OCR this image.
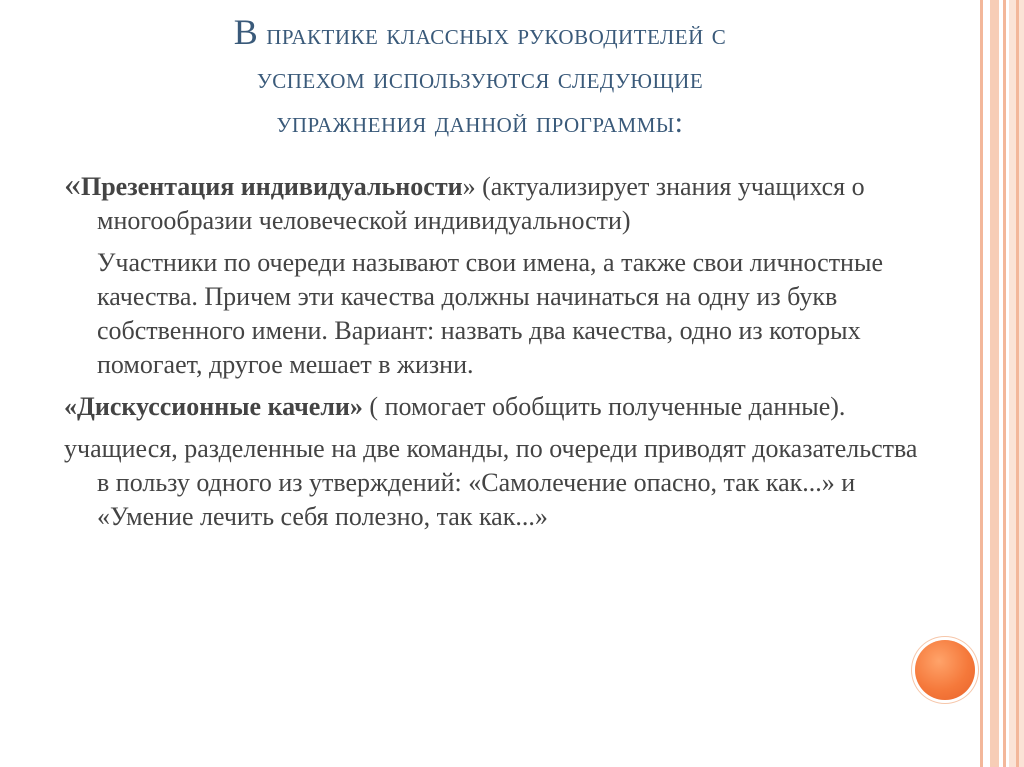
В практике классных руководителей с
успехом используются следующие
упражнения данной программы:

«Презентация индивидуальности» (актуализирует знания учащихся о многообразии человеческой индивидуальности)

Участники по очереди называют свои имена, а также свои личностные качества. Причем эти качества должны начинаться на одну из букв собственного имени. Вариант: назвать два качества, одно из которых помогает, другое мешает в жизни.

«Дискуссионные качели» ( помогает обобщить полученные данные).

учащиеся, разделенные на две команды, по очереди приводят доказательства в пользу одного из утверждений: «Самолечение опасно, так как...» и «Умение лечить себя полезно, так как...»
